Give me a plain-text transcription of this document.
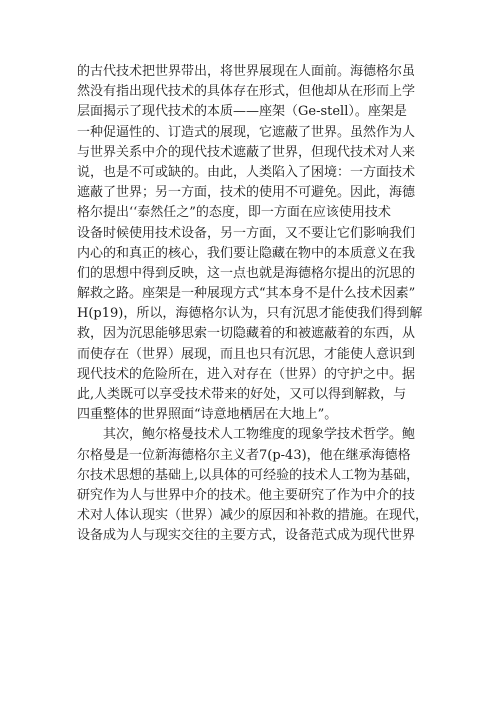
的古代技术把世界带出，将世界展现在人面前。海德格尔虽
然没有指出现代技术的具体存在形式，但他却从在形而上学
层面揭示了现代技术的本质——座架（Ge-stell）。座架是
一种促逼性的、订造式的展现，它遮蔽了世界。虽然作为人
与世界关系中介的现代技术遮蔽了世界，但现代技术对人来
说，也是不可或缺的。由此，人类陷入了困境：一方面技术
遮蔽了世界；另一方面，技术的使用不可避免。因此，海德
格尔提出‘‘泰然任之”的态度，即一方面在应该使用技术
设备时候使用技术设备，另一方面，又不要让它们影响我们
内心的和真正的核心，我们要让隐藏在物中的本质意义在我
们的思想中得到反映，这一点也就是海德格尔提出的沉思的
解救之路。座架是一种展现方式“其本身不是什么技术因素”
H(p19)，所以，海德格尔认为，只有沉思才能使我们得到解
救，因为沉思能够思索一切隐藏着的和被遮蔽着的东西，从
而使存在（世界）展现，而且也只有沉思，才能使人意识到
现代技术的危险所在，进入对存在（世界）的守护之中。据
此,人类既可以享受技术带来的好处，又可以得到解救，与
四重整体的世界照面“诗意地栖居在大地上”。
　　其次，鲍尔格曼技术人工物维度的现象学技术哲学。鲍
尔格曼是一位新海德格尔主义者7(p-43)，他在继承海德格
尔技术思想的基础上,以具体的可经验的技术人工物为基础，
研究作为人与世界中介的技术。他主要研究了作为中介的技
术对人体认现实（世界）减少的原因和补救的措施。在现代，
设备成为人与现实交往的主要方式，设备范式成为现代世界
